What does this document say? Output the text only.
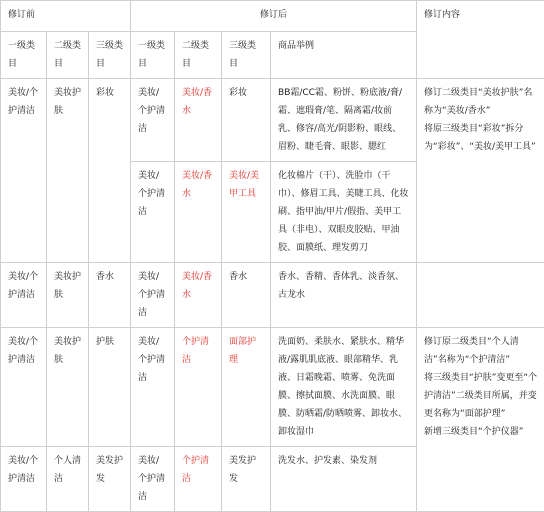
修订前			修订后				修订内容
一级类目	二级类目	三级类目	一级类目	二级类目	三级类目	商品举例	
美妆/个护清洁	美妆护肤	彩妆	美妆/个护清洁	美妆/香水	彩妆	BB霜/CC霜、粉饼、粉底液/膏/霜、遮瑕膏/笔、隔离霜/妆前乳、修容/高光/阴影粉、眼线、眉粉、睫毛膏、眼影、腮红	修订二级类目“美妆护肤”名称为“美妆/香水”
将原三级类目“彩妆”拆分为“彩妆”、“美妆/美甲工具”

			美妆/个护清洁	美妆/香水	美妆/美甲工具	化妆棉片（干）、洗脸巾（干巾）、修眉工具、美睫工具、化妆刷、指甲油/甲片/假指、美甲工具（非电）、双眼皮胶贴、甲油胶、面膜纸、理发剪刀	
美妆/个护清洁	美妆护肤	香水	美妆/个护清洁	美妆/香水	香水	香水、香精、香体乳、淡香氛、古龙水	
美妆/个护清洁	美妆护肤	护肤	美妆/个护清洁	个护清洁	面部护理	洗面奶、柔肤水、紧肤水、精华液/露肌肌底液、眼部精华、乳液、日霜晚霜、喷雾、免洗面膜、擦拭面膜、水洗面膜、眼膜、防晒霜/防晒喷雾、卸妆水、卸妆湿巾	修订原二级类目“个人清洁”名称为“个护清洁”
将三级类目“护肤”变更至“个护清洁”二级类目所属，并变更名称为“面部护理”
新增三级类目“个护仪器”

美妆/个护清洁	个人清洁	美发护发	美妆/个护清洁	个护清洁	美发护发	洗发水、护发素、染发剂	
